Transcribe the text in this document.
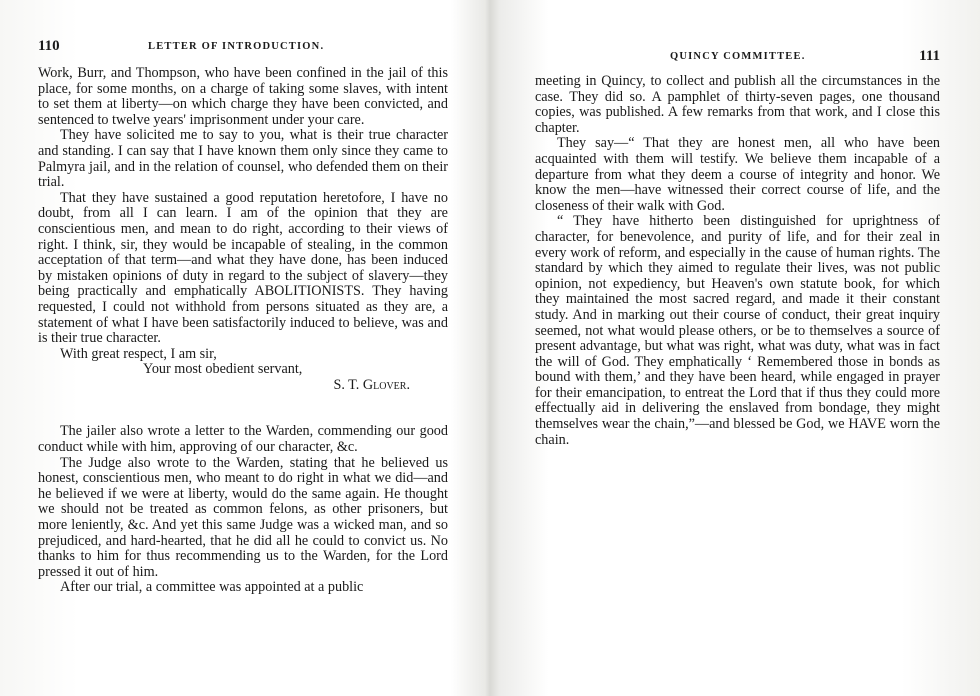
110	LETTER OF INTRODUCTION.

Work, Burr, and Thompson, who have been confined in the jail of this place, for some months, on a charge of taking some slaves, with intent to set them at liberty—on which charge they have been convicted, and sentenced to twelve years' imprisonment under your care.

They have solicited me to say to you, what is their true character and standing. I can say that I have known them only since they came to Palmyra jail, and in the relation of counsel, who defended them on their trial.

That they have sustained a good reputation heretofore, I have no doubt, from all I can learn. I am of the opinion that they are conscientious men, and mean to do right, according to their views of right. I think, sir, they would be incapable of stealing, in the common acceptation of that term—and what they have done, has been induced by mistaken opinions of duty in regard to the subject of slavery—they being practically and emphatically ABOLITIONISTS. They having requested, I could not withhold from persons situated as they are, a statement of what I have been satisfactorily induced to believe, was and is their true character.

With great respect, I am sir,
Your most obedient servant,
S. T. Glover.

The jailer also wrote a letter to the Warden, commending our good conduct while with him, approving of our character, &c.

The Judge also wrote to the Warden, stating that he believed us honest, conscientious men, who meant to do right in what we did—and he believed if we were at liberty, would do the same again. He thought we should not be treated as common felons, as other prisoners, but more leniently, &c. And yet this same Judge was a wicked man, and so prejudiced, and hard-hearted, that he did all he could to convict us. No thanks to him for thus recommending us to the Warden, for the Lord pressed it out of him.

After our trial, a committee was appointed at a public

QUINCY COMMITTEE.	111

meeting in Quincy, to collect and publish all the circumstances in the case. They did so. A pamphlet of thirty-seven pages, one thousand copies, was published. A few remarks from that work, and I close this chapter.

They say—“ That they are honest men, all who have been acquainted with them will testify. We believe them incapable of a departure from what they deem a course of integrity and honor. We know the men—have witnessed their correct course of life, and the closeness of their walk with God.

“ They have hitherto been distinguished for uprightness of character, for benevolence, and purity of life, and for their zeal in every work of reform, and especially in the cause of human rights. The standard by which they aimed to regulate their lives, was not public opinion, not expediency, but Heaven's own statute book, for which they maintained the most sacred regard, and made it their constant study. And in marking out their course of conduct, their great inquiry seemed, not what would please others, or be to themselves a source of present advantage, but what was right, what was duty, what was in fact the will of God. They emphatically ‘ Remembered those in bonds as bound with them,’ and they have been heard, while engaged in prayer for their emancipation, to entreat the Lord that if thus they could more effectually aid in delivering the enslaved from bondage, they might themselves wear the chain,”—and blessed be God, we HAVE worn the chain.
